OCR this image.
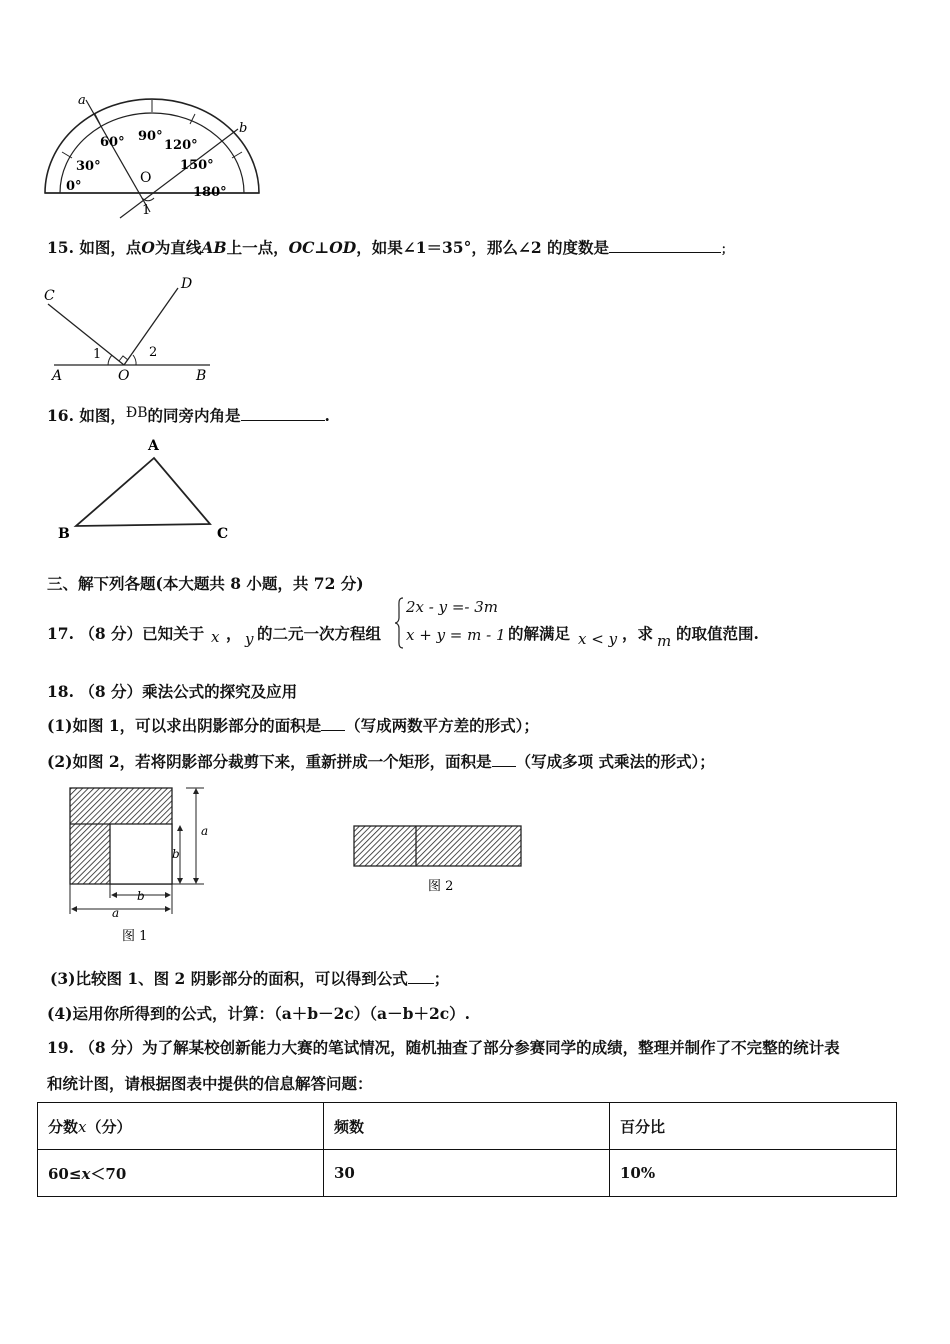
0°
30°
60° 90°
120°
150°
180°
a
b
O
1
15. 如图，点O为直线AB上一点，OC⊥OD，如果∠1＝35°，那么∠2 的度数是	；
C
D
A	O	B
1	2
16. 如图，ÐB的同旁内角是	.
A
B	C
三、解下列各题(本大题共 8 小题，共 72 分)
17. （8 分）已知关于 x ， y 的二元一次方程组
2x - y =- 3m
x + y = m - 1 的解满足 x < y ，求 m 的取值范围.
18. （8 分）乘法公式的探究及应用
(1)如图 1，可以求出阴影部分的面积是 （写成两数平方差的形式）；
(2)如图 2，若将阴影部分裁剪下来，重新拼成一个矩形，面积是 （写成多项 式乘法的形式）；
a
b
b
a
图 1
图 2
(3)比较图 1、图 2 阴影部分的面积，可以得到公式 ；
(4)运用你所得到的公式，计算：（a＋b－2c）（a－b＋2c）.
19. （8 分）为了解某校创新能力大赛的笔试情况，随机抽查了部分参赛同学的成绩，整理并制作了不完整的统计表
和统计图，请根据图表中提供的信息解答问题：
分数x（分）	频数	百分比
60≤x＜70	30	10%
